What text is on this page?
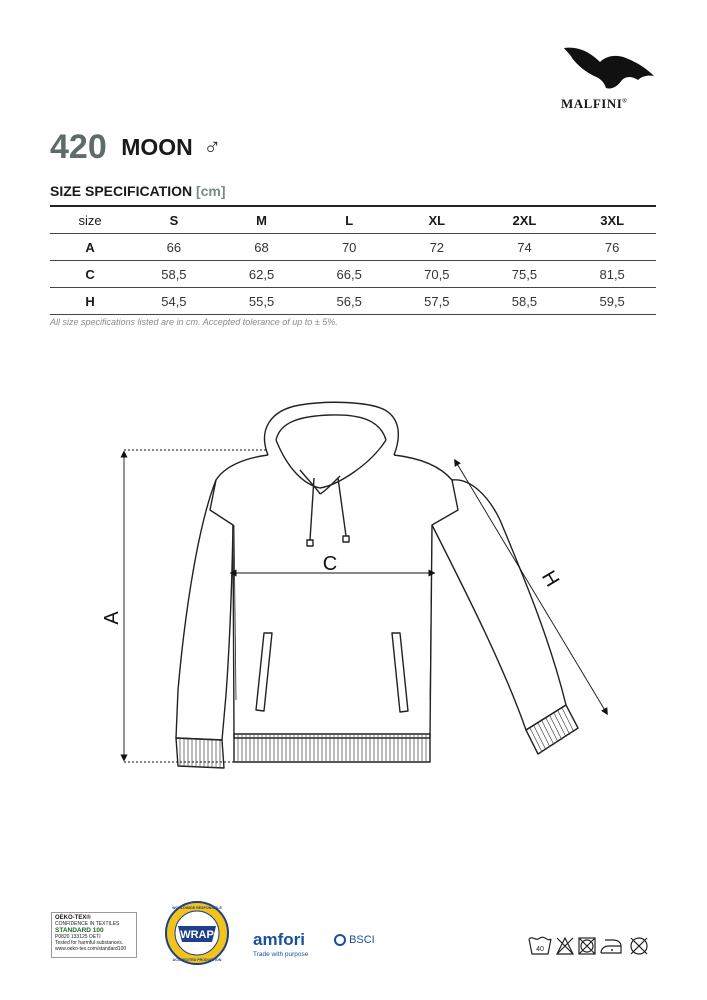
MALFINI®
420 MOON ♂
SIZE SPECIFICATION [cm]
size	S	M	L	XL	2XL	3XL
A	66	68	70	72	74	76
C	58,5	62,5	66,5	70,5	75,5	81,5
H	54,5	55,5	56,5	57,5	58,5	59,5
All size specifications listed are in cm. Accepted tolerance of up to ± 5%.
A
C
H
OEKO-TEX®
CONFIDENCE IN TEXTILES
STANDARD 100
P0820 133125 OETI
Tested for harmful substances.
www.oeko-tex.com/standard100
WRAP
WORLDWIDE RESPONSIBLE
ACCREDITED PRODUCTION
amfori
Trade with purpose
BSCI
40
